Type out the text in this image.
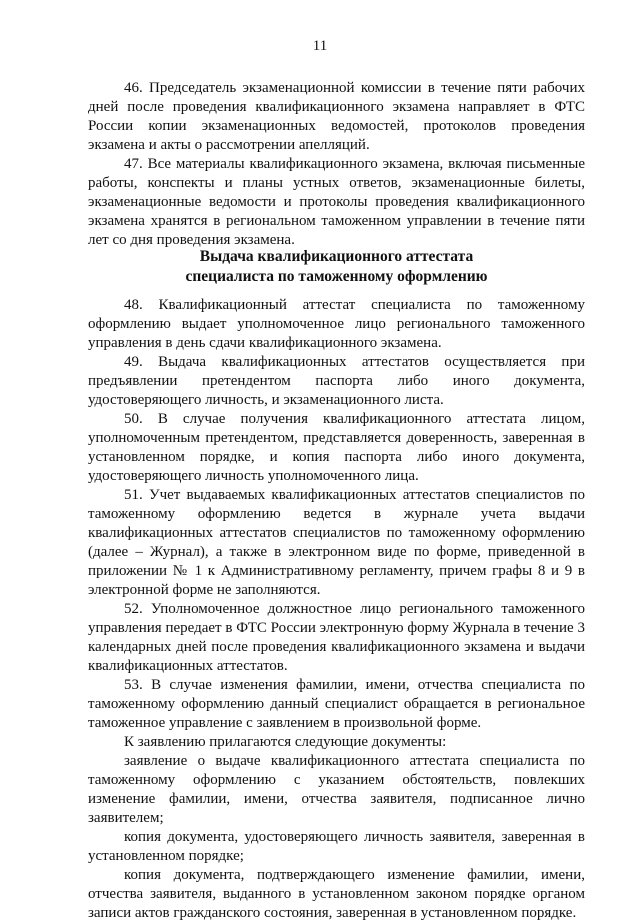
11

46. Председатель экзаменационной комиссии в течение пяти рабочих дней после проведения квалификационного экзамена направляет в ФТС России копии экзаменационных ведомостей, протоколов проведения экзамена и акты о рассмотрении апелляций.

47. Все материалы квалификационного экзамена, включая письменные работы, конспекты и планы устных ответов, экзаменационные билеты, экзаменационные ведомости и протоколы проведения квалификационного экзамена хранятся в региональном таможенном управлении в течение пяти лет со дня проведения экзамена.

Выдача квалификационного аттестата
специалиста по таможенному оформлению

48. Квалификационный аттестат специалиста по таможенному оформлению выдает уполномоченное лицо регионального таможенного управления в день сдачи квалификационного экзамена.

49. Выдача квалификационных аттестатов осуществляется при предъявлении претендентом паспорта либо иного документа, удостоверяющего личность, и экзаменационного листа.

50. В случае получения квалификационного аттестата лицом, уполномоченным претендентом, представляется доверенность, заверенная в установленном порядке, и копия паспорта либо иного документа, удостоверяющего личность уполномоченного лица.

51. Учет выдаваемых квалификационных аттестатов специалистов по таможенному оформлению ведется в журнале учета выдачи квалификационных аттестатов специалистов по таможенному оформлению (далее – Журнал), а также в электронном виде по форме, приведенной в приложении № 1 к Административному регламенту, причем графы 8 и 9 в электронной форме не заполняются.

52. Уполномоченное должностное лицо регионального таможенного управления передает в ФТС России электронную форму Журнала в течение 3 календарных дней после проведения квалификационного экзамена и выдачи квалификационных аттестатов.

53. В случае изменения фамилии, имени, отчества специалиста по таможенному оформлению данный специалист обращается в региональное таможенное управление с заявлением в произвольной форме.

К заявлению прилагаются следующие документы:

заявление о выдаче квалификационного аттестата специалиста по таможенному оформлению с указанием обстоятельств, повлекших изменение фамилии, имени, отчества заявителя, подписанное лично заявителем;

копия документа, удостоверяющего личность заявителя, заверенная в установленном порядке;

копия документа, подтверждающего изменение фамилии, имени, отчества заявителя, выданного в установленном законом порядке органом записи актов гражданского состояния, заверенная в установленном порядке.
